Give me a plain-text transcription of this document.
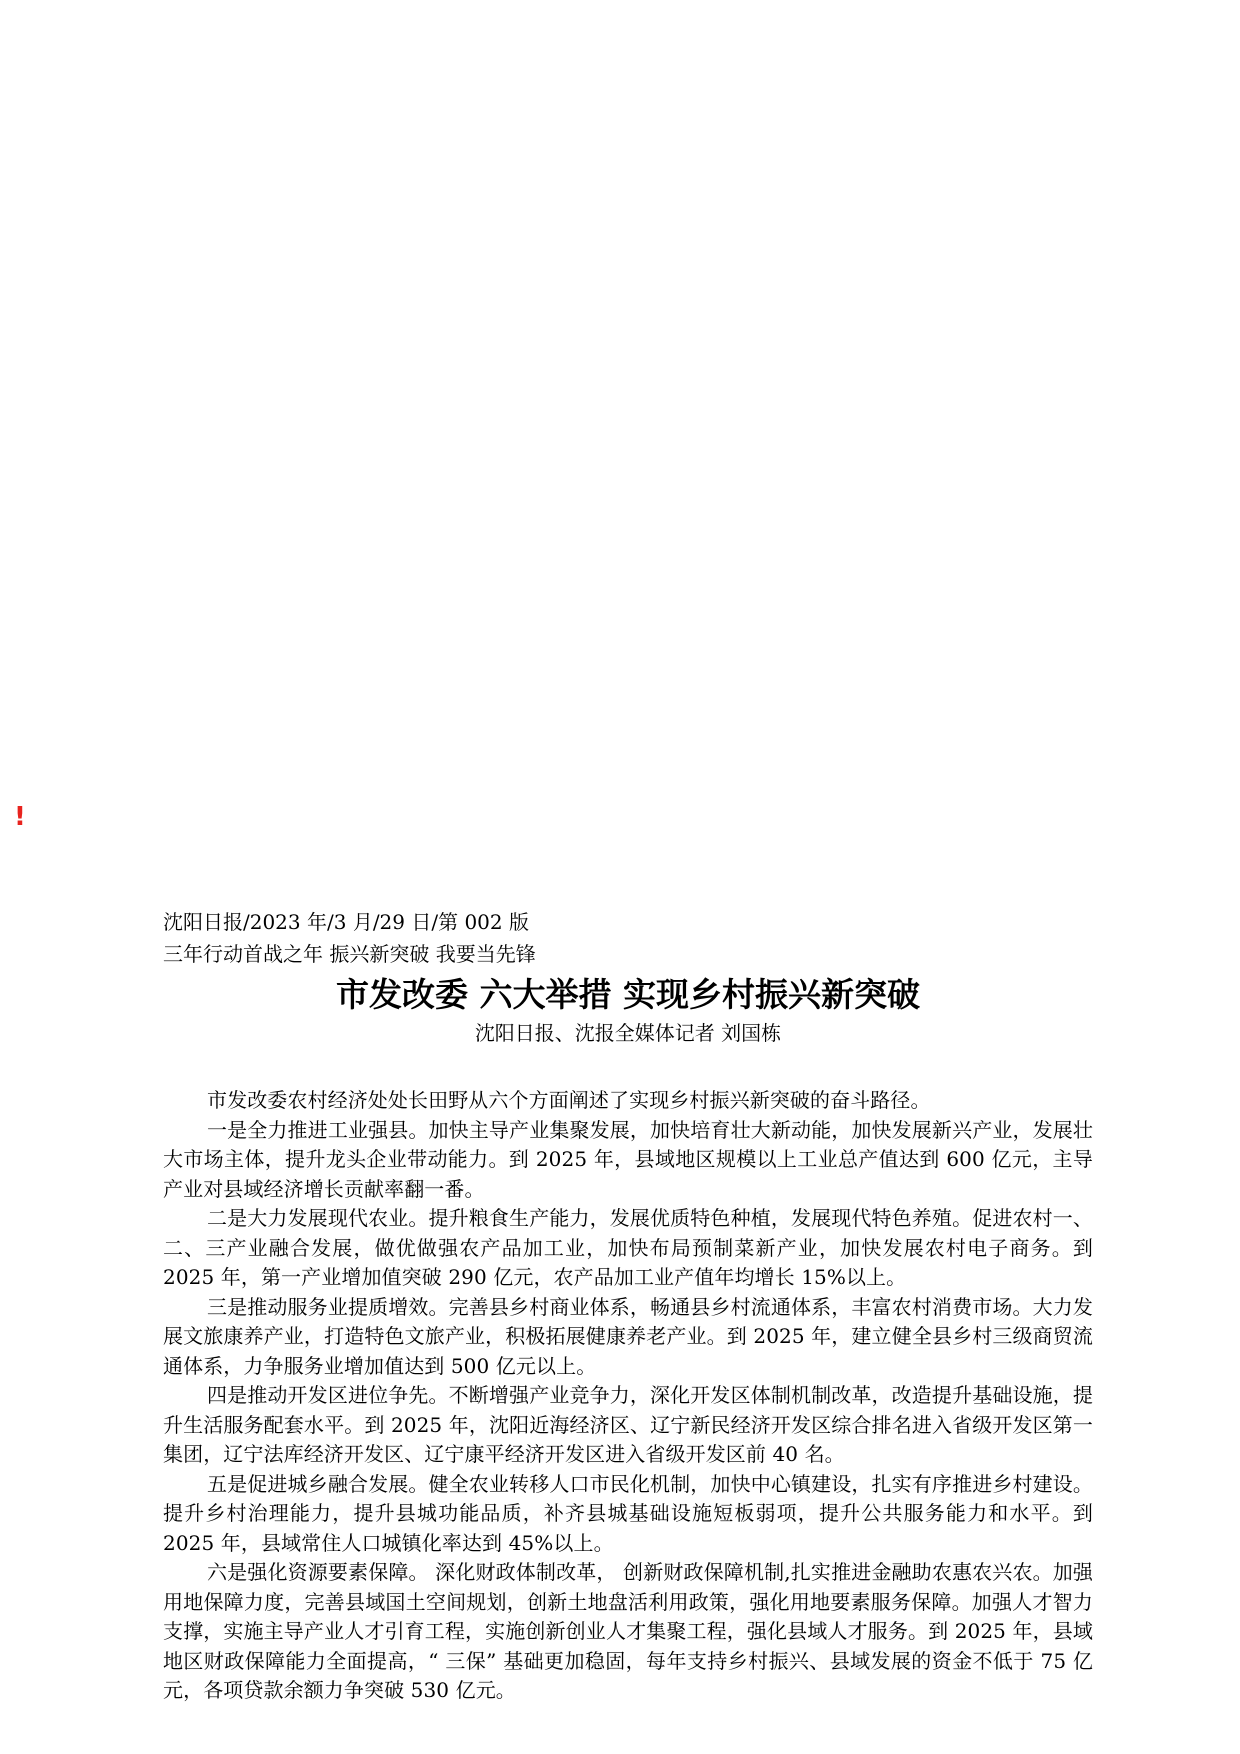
!

沈阳日报/2023 年/3 月/29 日/第 002 版

三年行动首战之年 振兴新突破 我要当先锋

市发改委 六大举措 实现乡村振兴新突破

沈阳日报、沈报全媒体记者 刘国栋

市发改委农村经济处处长田野从六个方面阐述了实现乡村振兴新突破的奋斗路径。

一是全力推进工业强县。加快主导产业集聚发展，加快培育壮大新动能，加快发展新兴产业，发展壮大市场主体，提升龙头企业带动能力。到 2025 年，县域地区规模以上工业总产值达到 600 亿元，主导产业对县域经济增长贡献率翻一番。

二是大力发展现代农业。提升粮食生产能力，发展优质特色种植，发展现代特色养殖。促进农村一、二、三产业融合发展，做优做强农产品加工业，加快布局预制菜新产业，加快发展农村电子商务。到 2025 年，第一产业增加值突破 290 亿元，农产品加工业产值年均增长 15%以上。

三是推动服务业提质增效。完善县乡村商业体系，畅通县乡村流通体系，丰富农村消费市场。大力发展文旅康养产业，打造特色文旅产业，积极拓展健康养老产业。到 2025 年，建立健全县乡村三级商贸流通体系，力争服务业增加值达到 500 亿元以上。

四是推动开发区进位争先。不断增强产业竞争力，深化开发区体制机制改革，改造提升基础设施，提升生活服务配套水平。到 2025 年，沈阳近海经济区、辽宁新民经济开发区综合排名进入省级开发区第一集团，辽宁法库经济开发区、辽宁康平经济开发区进入省级开发区前 40 名。

五是促进城乡融合发展。健全农业转移人口市民化机制，加快中心镇建设，扎实有序推进乡村建设。提升乡村治理能力，提升县城功能品质，补齐县城基础设施短板弱项，提升公共服务能力和水平。到 2025 年，县域常住人口城镇化率达到 45%以上。

六是强化资源要素保障。 深化财政体制改革， 创新财政保障机制,扎实推进金融助农惠农兴农。加强用地保障力度，完善县域国土空间规划，创新土地盘活利用政策，强化用地要素服务保障。加强人才智力支撑，实施主导产业人才引育工程，实施创新创业人才集聚工程，强化县域人才服务。到 2025 年，县域地区财政保障能力全面提高，“ 三保” 基础更加稳固，每年支持乡村振兴、县域发展的资金不低于 75 亿元，各项贷款余额力争突破 530 亿元。
